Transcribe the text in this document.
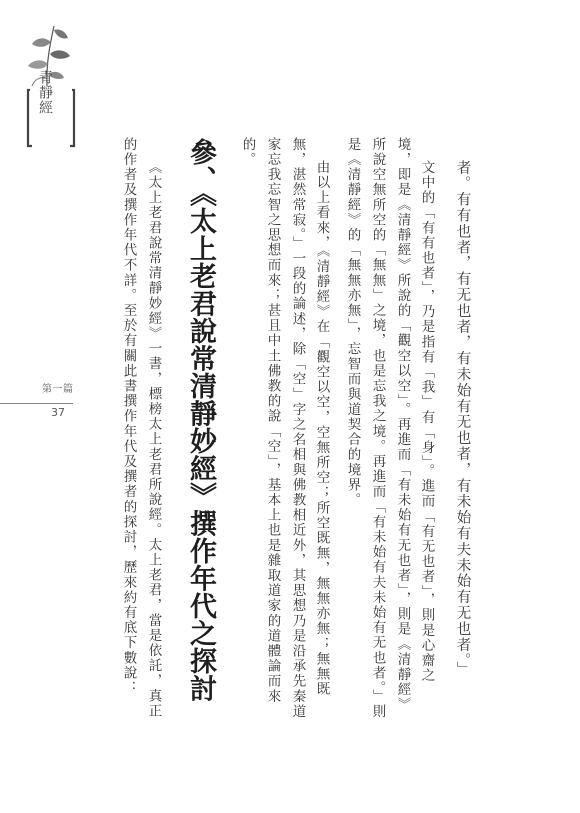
青靜經
第一篇
37	者。有有也者，有无也者，有未始有无也者，有未始有夫未始有无也者。」

文中的「有有也者」，乃是指有「我」有「身」。進而「有无也者」，則是心齋之

境，即是《清靜經》所說的「觀空以空」。再進而「有未始有无也者」，則是《清靜經》

所說空無所空的「無無」之境，也是忘我之境。再進而「有未始有夫未始有无也者。」則

是《清靜經》的「無無亦無」，忘智而與道契合的境界。

由以上看來，《清靜經》在「觀空以空，空無所空；所空既無，無無亦無；無無既

無，湛然常寂。」一段的論述，除「空」字之名相與佛教相近外，其思想乃是沿承先秦道

家忘我忘智之思想而來；甚且中土佛教的說「空」，基本上也是雜取道家的道體論而來

的。

參、《太上老君說常清靜妙經》撰作年代之探討

《太上老君說常清靜妙經》一書，標榜太上老君所說經。太上老君，當是依託，真正

的作者及撰作年代不詳。至於有關此書撰作年代及撰者的探討，歷來約有底下數說：
